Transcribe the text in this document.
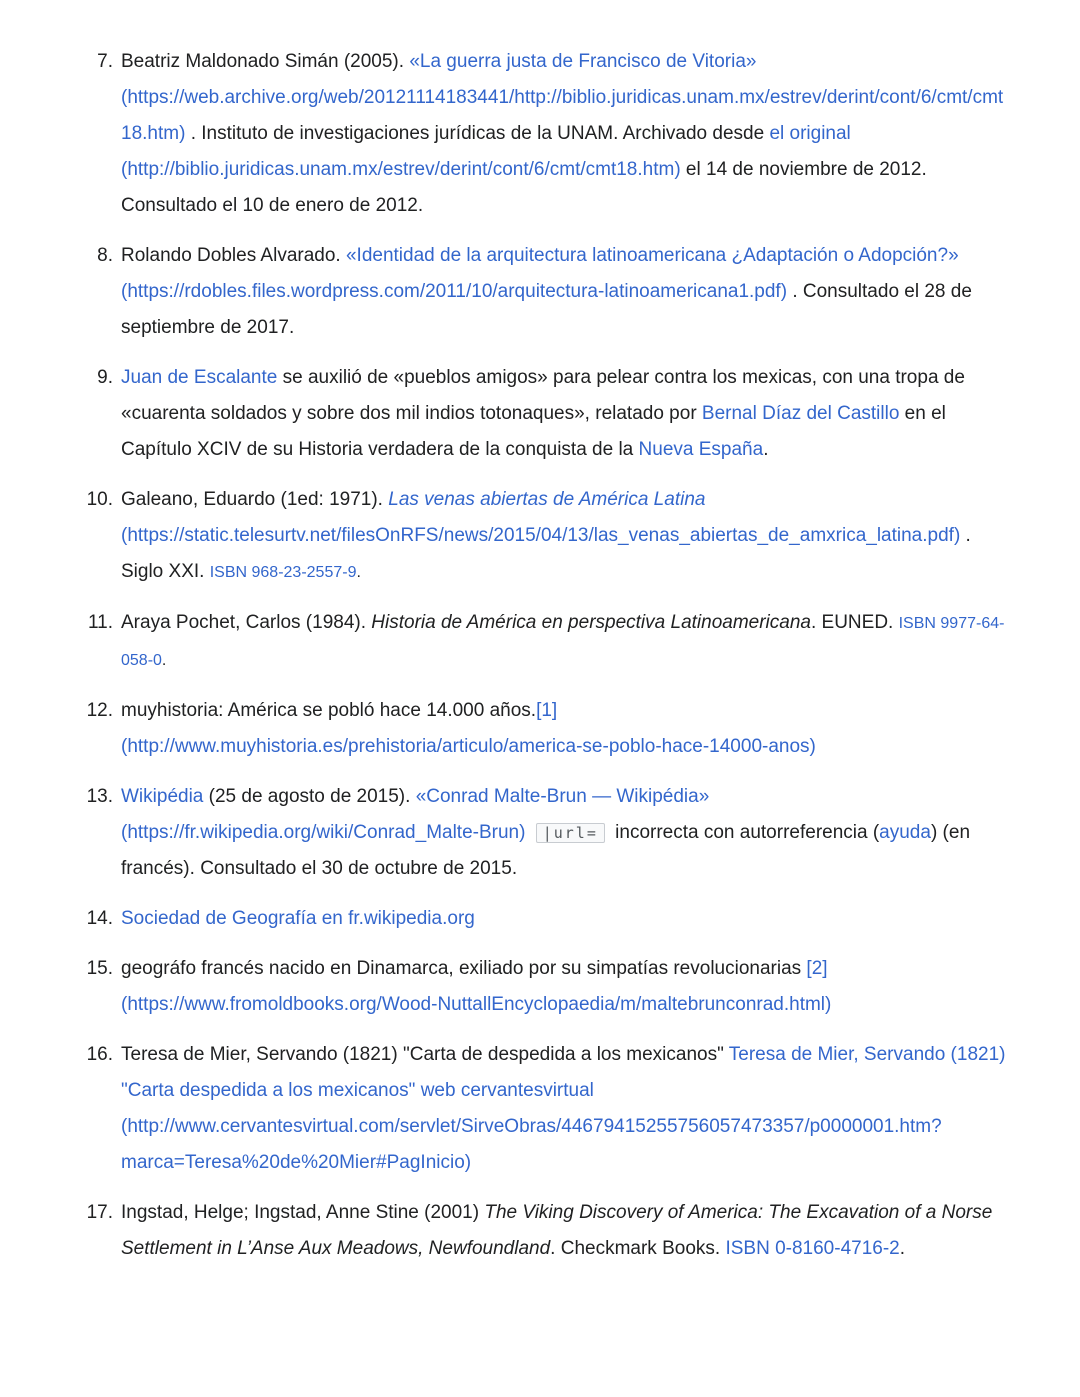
7. Beatriz Maldonado Simán (2005). «La guerra justa de Francisco de Vitoria» (https://web.archive.org/web/20121114183441/http://biblio.juridicas.unam.mx/estrev/derint/cont/6/cmt/cmt18.htm) . Instituto de investigaciones jurídicas de la UNAM. Archivado desde el original (http://biblio.juridicas.unam.mx/estrev/derint/cont/6/cmt/cmt18.htm) el 14 de noviembre de 2012. Consultado el 10 de enero de 2012.
8. Rolando Dobles Alvarado. «Identidad de la arquitectura latinoamericana ¿Adaptación o Adopción?» (https://rdobles.files.wordpress.com/2011/10/arquitectura-latinoamericana1.pdf) . Consultado el 28 de septiembre de 2017.
9. Juan de Escalante se auxilió de «pueblos amigos» para pelear contra los mexicas, con una tropa de «cuarenta soldados y sobre dos mil indios totonaques», relatado por Bernal Díaz del Castillo en el Capítulo XCIV de su Historia verdadera de la conquista de la Nueva España.
10. Galeano, Eduardo (1ed: 1971). Las venas abiertas de América Latina (https://static.telesurtv.net/filesOnRFS/news/2015/04/13/las_venas_abiertas_de_amxrica_latina.pdf) . Siglo XXI. ISBN 968-23-2557-9.
11. Araya Pochet, Carlos (1984). Historia de América en perspectiva Latinoamericana. EUNED. ISBN 9977-64-058-0.
12. muyhistoria: América se pobló hace 14.000 años.[1] (http://www.muyhistoria.es/prehistoria/articulo/america-se-poblo-hace-14000-anos)
13. Wikipédia (25 de agosto de 2015). «Conrad Malte-Brun — Wikipédia» (https://fr.wikipedia.org/wiki/Conrad_Malte-Brun) |url= incorrecta con autorreferencia (ayuda) (en francés). Consultado el 30 de octubre de 2015.
14. Sociedad de Geografía en fr.wikipedia.org
15. geográfo francés nacido en Dinamarca, exiliado por su simpatías revolucionarias [2] (https://www.fromoldbooks.org/Wood-NuttallEncyclopaedia/m/maltebrunconrad.html)
16. Teresa de Mier, Servando (1821) "Carta de despedida a los mexicanos" Teresa de Mier, Servando (1821) "Carta despedida a los mexicanos" web cervantesvirtual (http://www.cervantesvirtual.com/servlet/SirveObras/44679415255756057473357/p0000001.htm?marca=Teresa%20de%20Mier#PagInicio)
17. Ingstad, Helge; Ingstad, Anne Stine (2001) The Viking Discovery of America: The Excavation of a Norse Settlement in L’Anse Aux Meadows, Newfoundland. Checkmark Books. ISBN 0-8160-4716-2.
